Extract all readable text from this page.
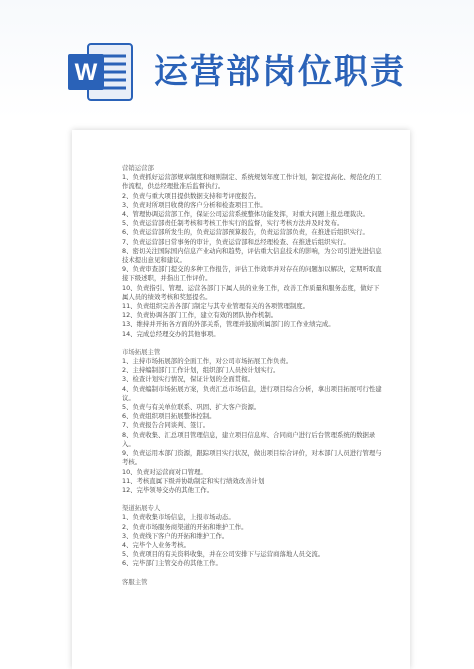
W 运营部岗位职责

营销运营部

1、负责抓好运营部规章制度和细则制定、系统规划年度工作计划，制定提高化、规范化的工作流程，供总经理批准后监督执行。

2、负责与重大项目提供数据支持和考评度报告。

3、负责对所项目收费的客户分析和检查项目工作。

4、管理协调运营部工作，保证公司运营系统整体功能发挥，对重大问题上报总理裁决。

5、负责运营部责任制考核和考核工作实行的监督，实行考核方法并及时发布。

6、负责运营部所发生的，负责运营部预算报告，负责运营部负责，在推进后组织实行。

7、负责运营部日常事务的审计，负责运营部和总经理检查、在推进后组织实行。

8、密切关注国际国内信息产业动向和趋势，评估重大信息技术的影响，为公司引进先进信息技术提出意见和建议。

9、负责审查部门提交的多种工作报告，评估工作效率并对存在的问题加以解决，定期听取直接下级述职，并指出工作评价。

10、负责指引、管理、运营各部门下属人员的业务工作，改善工作质量和服务态度，做好下属人员的绩效考核和奖惩提名。

11、负责组织完善各部门制定与其专业管理有关的各项管理制度。

12、负责协调各部门工作，建立有效的团队协作机制。

13、维持并开拓各方面的外部关系，管理并鼓励所属部门的工作业绩完成。

14、完成总经理交办的其他事项。

市场拓展主管

1、主持市场拓展部的全面工作，对公司市场拓展工作负责。

2、主持编制部门工作计划，组织部门人员按计划实行。

3、检查计划实行情况，保证计划的全面贯彻。

4、负责编制市场拓展方案，负责汇总市场信息，进行项目综合分析，拿出项目拓展可行性建议。

5、负责与有关单位联系、巩固、扩大客户资源。

6、负责组织项目拓展整体控制。

7、负责报告合同谈判、签订。

8、负责收集、汇总项目管理信息，建立项目信息库、合同商户进行后台管理系统的数据录入。

9、负责运用本部门资源，跟踪项目实行状况，做出项目综合评价，对本部门人员进行管理与考核。

10、负责对运营商对口管理。

11、考核直属下级并协助制定和实行绩效改善计划

12、完毕领导交办的其他工作。

渠道拓展专人

1、负责收集市场信息，上报市场动态。

2、负责市场服务商渠道的开拓和维护工作。

3、负责线下客户的开拓和维护工作。

4、完毕个人业务考核。

5、负责项目的有关资料收集，并在公司安排下与运营商落地人员交流。

6、完毕部门主管交办的其他工作。

客服主管
